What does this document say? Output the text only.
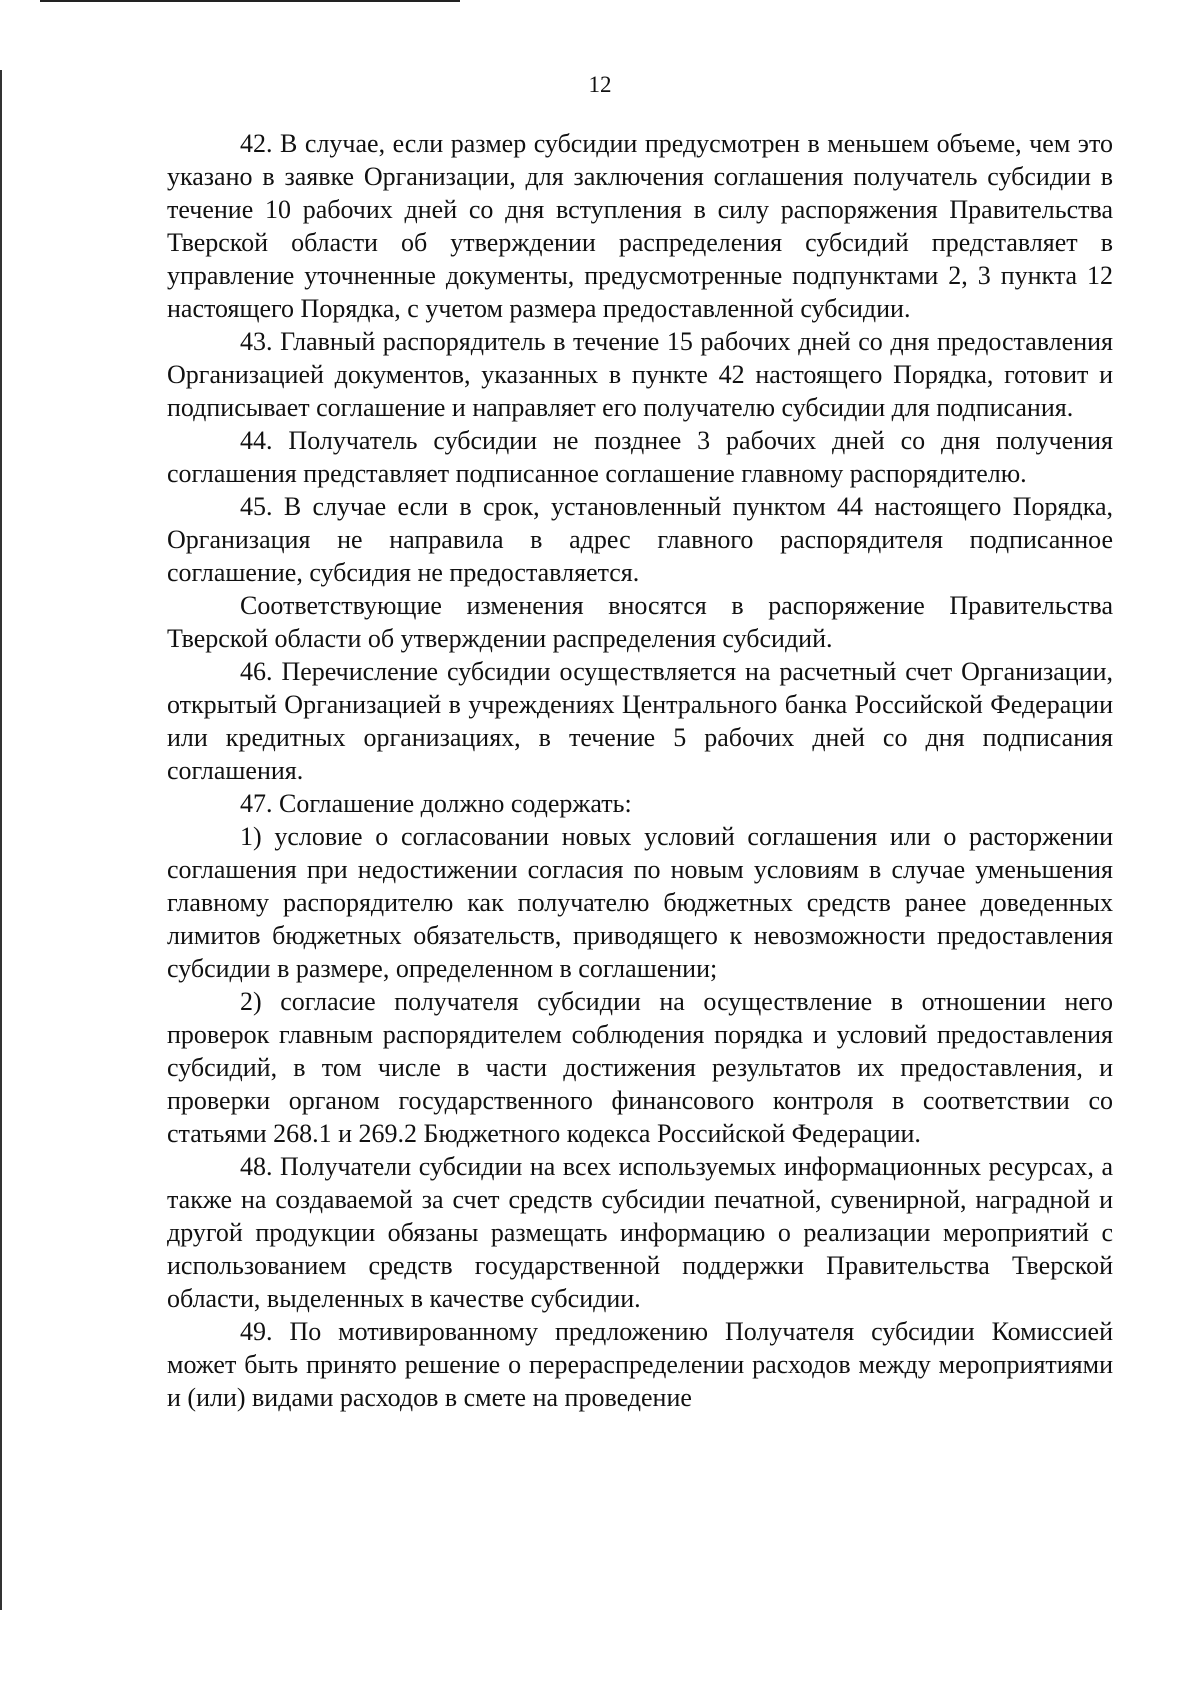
12

42. В случае, если размер субсидии предусмотрен в меньшем объеме, чем это указано в заявке Организации, для заключения соглашения получатель субсидии в течение 10 рабочих дней со дня вступления в силу распоряжения Правительства Тверской области об утверждении распределения субсидий представляет в управление уточненные документы, предусмотренные подпунктами 2, 3 пункта 12 настоящего Порядка, с учетом размера предоставленной субсидии.

43. Главный распорядитель в течение 15 рабочих дней со дня предоставления Организацией документов, указанных в пункте 42 настоящего Порядка, готовит и подписывает соглашение и направляет его получателю субсидии для подписания.

44. Получатель субсидии не позднее 3 рабочих дней со дня получения соглашения представляет подписанное соглашение главному распорядителю.

45. В случае если в срок, установленный пунктом 44 настоящего Порядка, Организация не направила в адрес главного распорядителя подписанное соглашение, субсидия не предоставляется.

Соответствующие изменения вносятся в распоряжение Правительства Тверской области об утверждении распределения субсидий.

46. Перечисление субсидии осуществляется на расчетный счет Организации, открытый Организацией в учреждениях Центрального банка Российской Федерации или кредитных организациях, в течение 5 рабочих дней со дня подписания соглашения.

47. Соглашение должно содержать:

1) условие о согласовании новых условий соглашения или о расторжении соглашения при недостижении согласия по новым условиям в случае уменьшения главному распорядителю как получателю бюджетных средств ранее доведенных лимитов бюджетных обязательств, приводящего к невозможности предоставления субсидии в размере, определенном в соглашении;

2) согласие получателя субсидии на осуществление в отношении него проверок главным распорядителем соблюдения порядка и условий предоставления субсидий, в том числе в части достижения результатов их предоставления, и проверки органом государственного финансового контроля в соответствии со статьями 268.1 и 269.2 Бюджетного кодекса Российской Федерации.

48. Получатели субсидии на всех используемых информационных ресурсах, а также на создаваемой за счет средств субсидии печатной, сувенирной, наградной и другой продукции обязаны размещать информацию о реализации мероприятий с использованием средств государственной поддержки Правительства Тверской области, выделенных в качестве субсидии.

49. По мотивированному предложению Получателя субсидии Комиссией может быть принято решение о перераспределении расходов между мероприятиями и (или) видами расходов в смете на проведение
